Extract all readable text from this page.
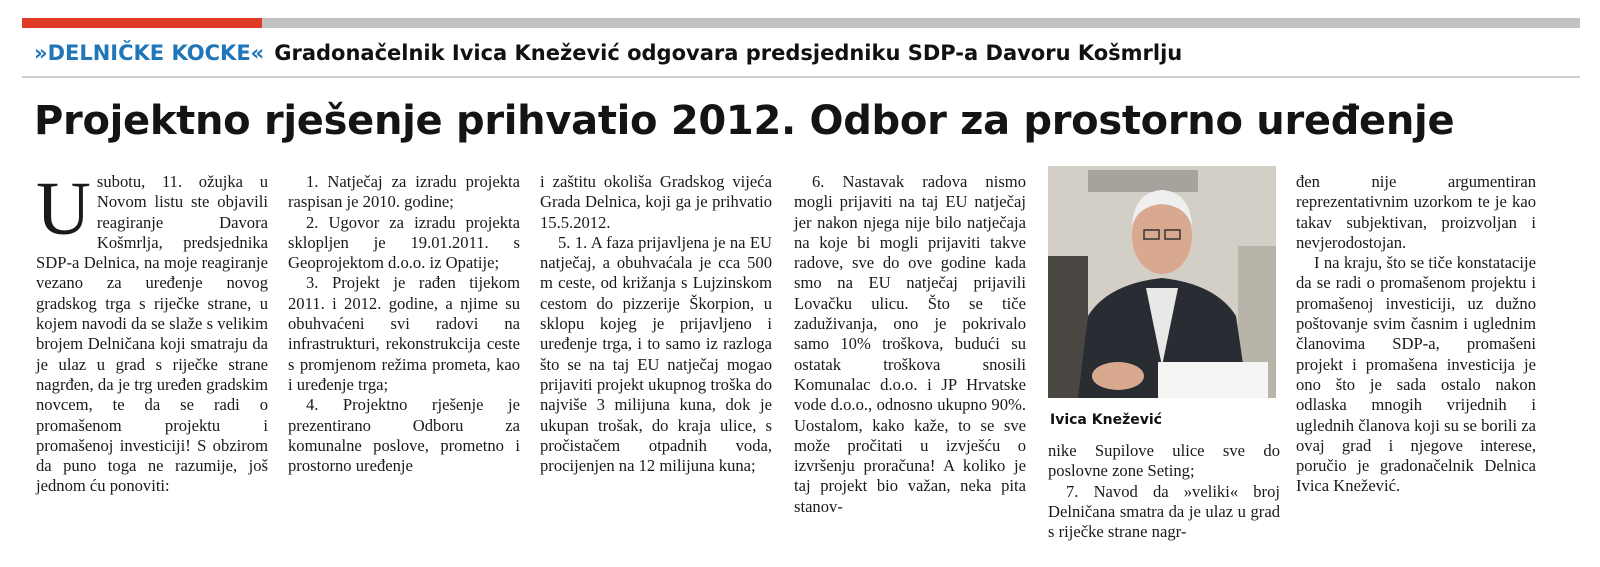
»DELNIČKE KOCKE« Gradonačelnik Ivica Knežević odgovara predsjedniku SDP-a Davoru Košmrlju
Projektno rješenje prihvatio 2012. Odbor za prostorno uređenje
U subotu, 11. ožujka u Novom listu ste objavili reagiranje Davora Košmrlja, predsjednika SDP-a Delnica, na moje reagiranje vezano za uređenje novog gradskog trga s riječke strane, u kojem navodi da se slaže s velikim brojem Delničana koji smatraju da je ulaz u grad s riječke strane nagrđen, da je trg uređen gradskim novcem, te da se radi o promašenom projektu i promašenoj investiciji! S obzirom da puno toga ne razumije, još jednom ću ponoviti:

1. Natječaj za izradu projekta raspisan je 2010. godine;

2. Ugovor za izradu projekta sklopljen je 19.01.2011. s Geoprojektom d.o.o. iz Opatije;

3. Projekt je rađen tijekom 2011. i 2012. godine, a njime su obuhvaćeni svi radovi na infrastrukturi, rekonstrukcija ceste s promjenom režima prometa, kao i uređenje trga;

4. Projektno rješenje je prezentirano Odboru za komunalne poslove, prometno i prostorno uređenje

i zaštitu okoliša Gradskog vijeća Grada Delnica, koji ga je prihvatio 15.5.2012.

5. 1. A faza prijavljena je na EU natječaj, a obuhvaćala je cca 500 m ceste, od križanja s Lujzinskom cestom do pizzerije Škorpion, u sklopu kojeg je prijavljeno i uređenje trga, i to samo iz razloga što se na taj EU natječaj mogao prijaviti projekt ukupnog troška do najviše 3 milijuna kuna, dok je ukupan trošak, do kraja ulice, s pročistačem otpadnih voda, procijenjen na 12 milijuna kuna;

6. Nastavak radova nismo mogli prijaviti na taj EU natječaj jer nakon njega nije bilo natječaja na koje bi mogli prijaviti takve radove, sve do ove godine kada smo na EU natječaj prijavili Lovačku ulicu. Što se tiče zaduživanja, ono je pokrivalo samo 10% troškova, budući su ostatak troškova snosili Komunalac d.o.o. i JP Hrvatske vode d.o.o., odnosno ukupno 90%. Uostalom, kako kaže, to se sve može pročitati u izvješću o izvršenju proračuna! A koliko je taj projekt bio važan, neka pita stanov-

Ivica Knežević

nike Supilove ulice sve do poslovne zone Seting;

7. Navod da »veliki« broj Delničana smatra da je ulaz u grad s riječke strane nagr-

đen nije argumentiran reprezentativnim uzorkom te je kao takav subjektivan, proizvoljan i nevjerodostojan.

I na kraju, što se tiče konstatacije da se radi o promašenom projektu i promašenoj investiciji, uz dužno poštovanje svim časnim i uglednim članovima SDP-a, promašeni projekt i promašena investicija je ono što je sada ostalo nakon odlaska mnogih vrijednih i uglednih članova koji su se borili za ovaj grad i njegove interese, poručio je gradonačelnik Delnica Ivica Knežević.
